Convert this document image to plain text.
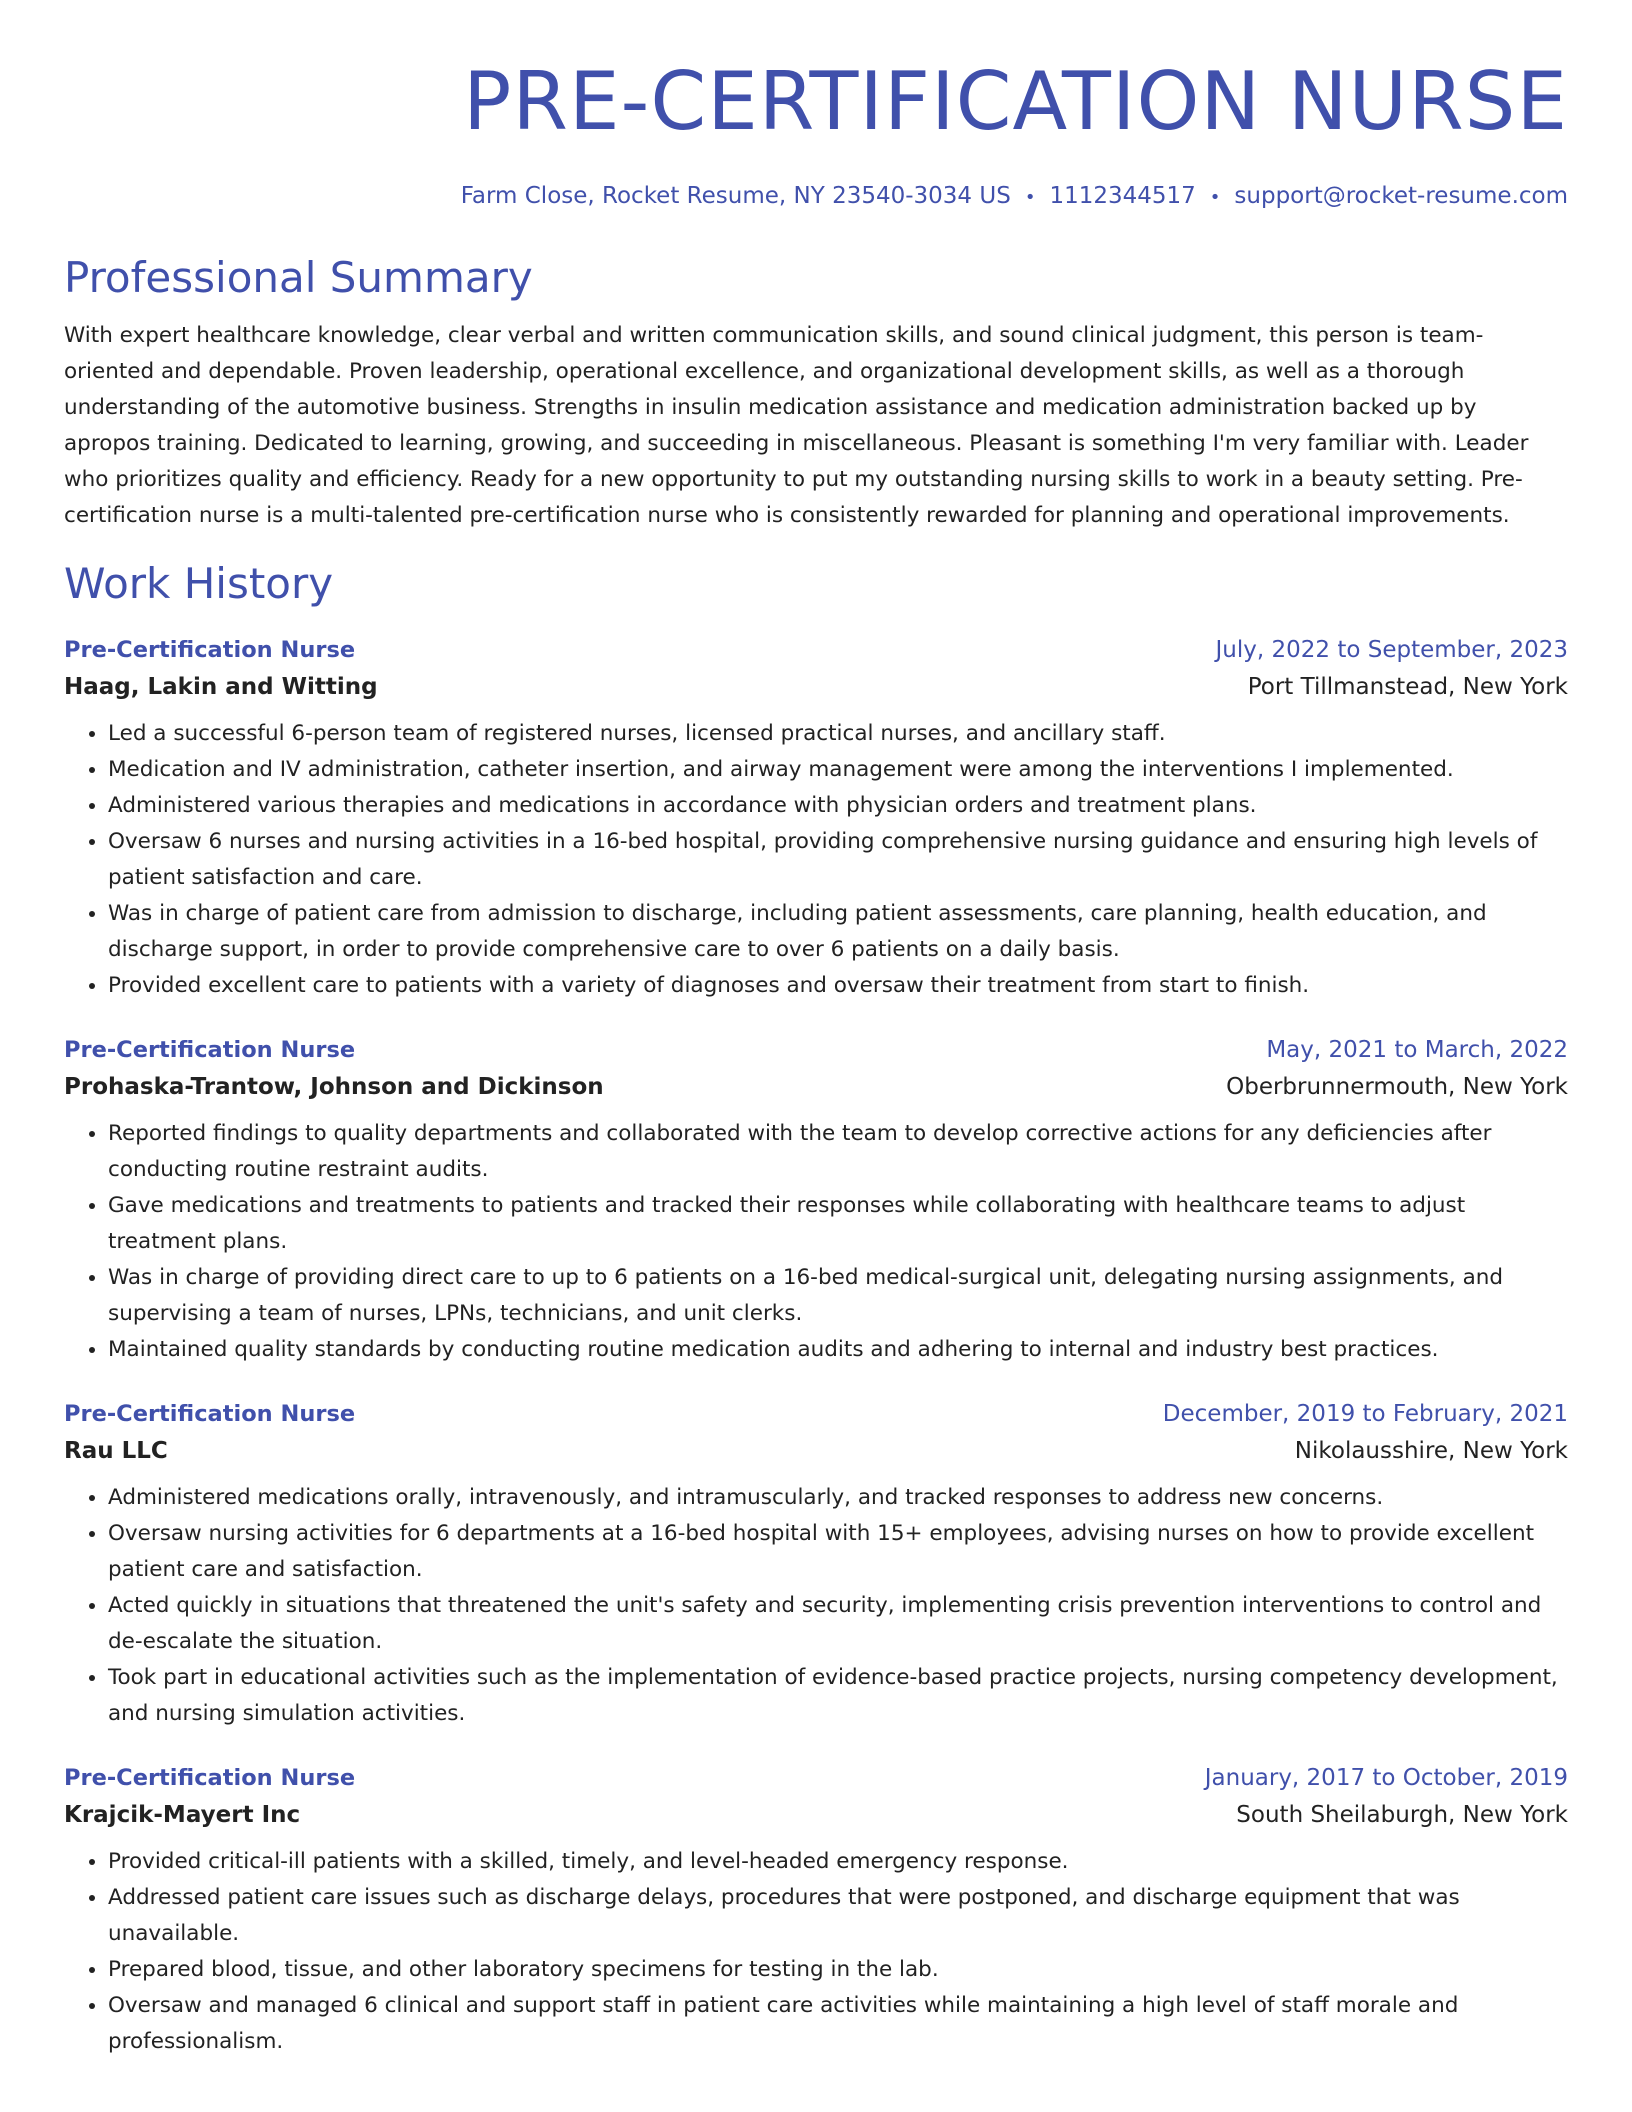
PRE-CERTIFICATION NURSE
Farm Close, Rocket Resume, NY 23540-3034 US • 1112344517 • support@rocket-resume.com
Professional Summary
With expert healthcare knowledge, clear verbal and written communication skills, and sound clinical judgment, this person is team-oriented and dependable. Proven leadership, operational excellence, and organizational development skills, as well as a thorough understanding of the automotive business. Strengths in insulin medication assistance and medication administration backed up by apropos training. Dedicated to learning, growing, and succeeding in miscellaneous. Pleasant is something I'm very familiar with. Leader who prioritizes quality and efficiency. Ready for a new opportunity to put my outstanding nursing skills to work in a beauty setting. Pre-certification nurse is a multi-talented pre-certification nurse who is consistently rewarded for planning and operational improvements.
Work History
Pre-Certification Nurse	July, 2022 to September, 2023
Haag, Lakin and Witting	Port Tillmanstead, New York
• Led a successful 6-person team of registered nurses, licensed practical nurses, and ancillary staff.
• Medication and IV administration, catheter insertion, and airway management were among the interventions I implemented.
• Administered various therapies and medications in accordance with physician orders and treatment plans.
• Oversaw 6 nurses and nursing activities in a 16-bed hospital, providing comprehensive nursing guidance and ensuring high levels of patient satisfaction and care.
• Was in charge of patient care from admission to discharge, including patient assessments, care planning, health education, and discharge support, in order to provide comprehensive care to over 6 patients on a daily basis.
• Provided excellent care to patients with a variety of diagnoses and oversaw their treatment from start to finish.
Pre-Certification Nurse	May, 2021 to March, 2022
Prohaska-Trantow, Johnson and Dickinson	Oberbrunnermouth, New York
• Reported findings to quality departments and collaborated with the team to develop corrective actions for any deficiencies after conducting routine restraint audits.
• Gave medications and treatments to patients and tracked their responses while collaborating with healthcare teams to adjust treatment plans.
• Was in charge of providing direct care to up to 6 patients on a 16-bed medical-surgical unit, delegating nursing assignments, and supervising a team of nurses, LPNs, technicians, and unit clerks.
• Maintained quality standards by conducting routine medication audits and adhering to internal and industry best practices.
Pre-Certification Nurse	December, 2019 to February, 2021
Rau LLC	Nikolausshire, New York
• Administered medications orally, intravenously, and intramuscularly, and tracked responses to address new concerns.
• Oversaw nursing activities for 6 departments at a 16-bed hospital with 15+ employees, advising nurses on how to provide excellent patient care and satisfaction.
• Acted quickly in situations that threatened the unit's safety and security, implementing crisis prevention interventions to control and de-escalate the situation.
• Took part in educational activities such as the implementation of evidence-based practice projects, nursing competency development, and nursing simulation activities.
Pre-Certification Nurse	January, 2017 to October, 2019
Krajcik-Mayert Inc	South Sheilaburgh, New York
• Provided critical-ill patients with a skilled, timely, and level-headed emergency response.
• Addressed patient care issues such as discharge delays, procedures that were postponed, and discharge equipment that was unavailable.
• Prepared blood, tissue, and other laboratory specimens for testing in the lab.
• Oversaw and managed 6 clinical and support staff in patient care activities while maintaining a high level of staff morale and professionalism.
